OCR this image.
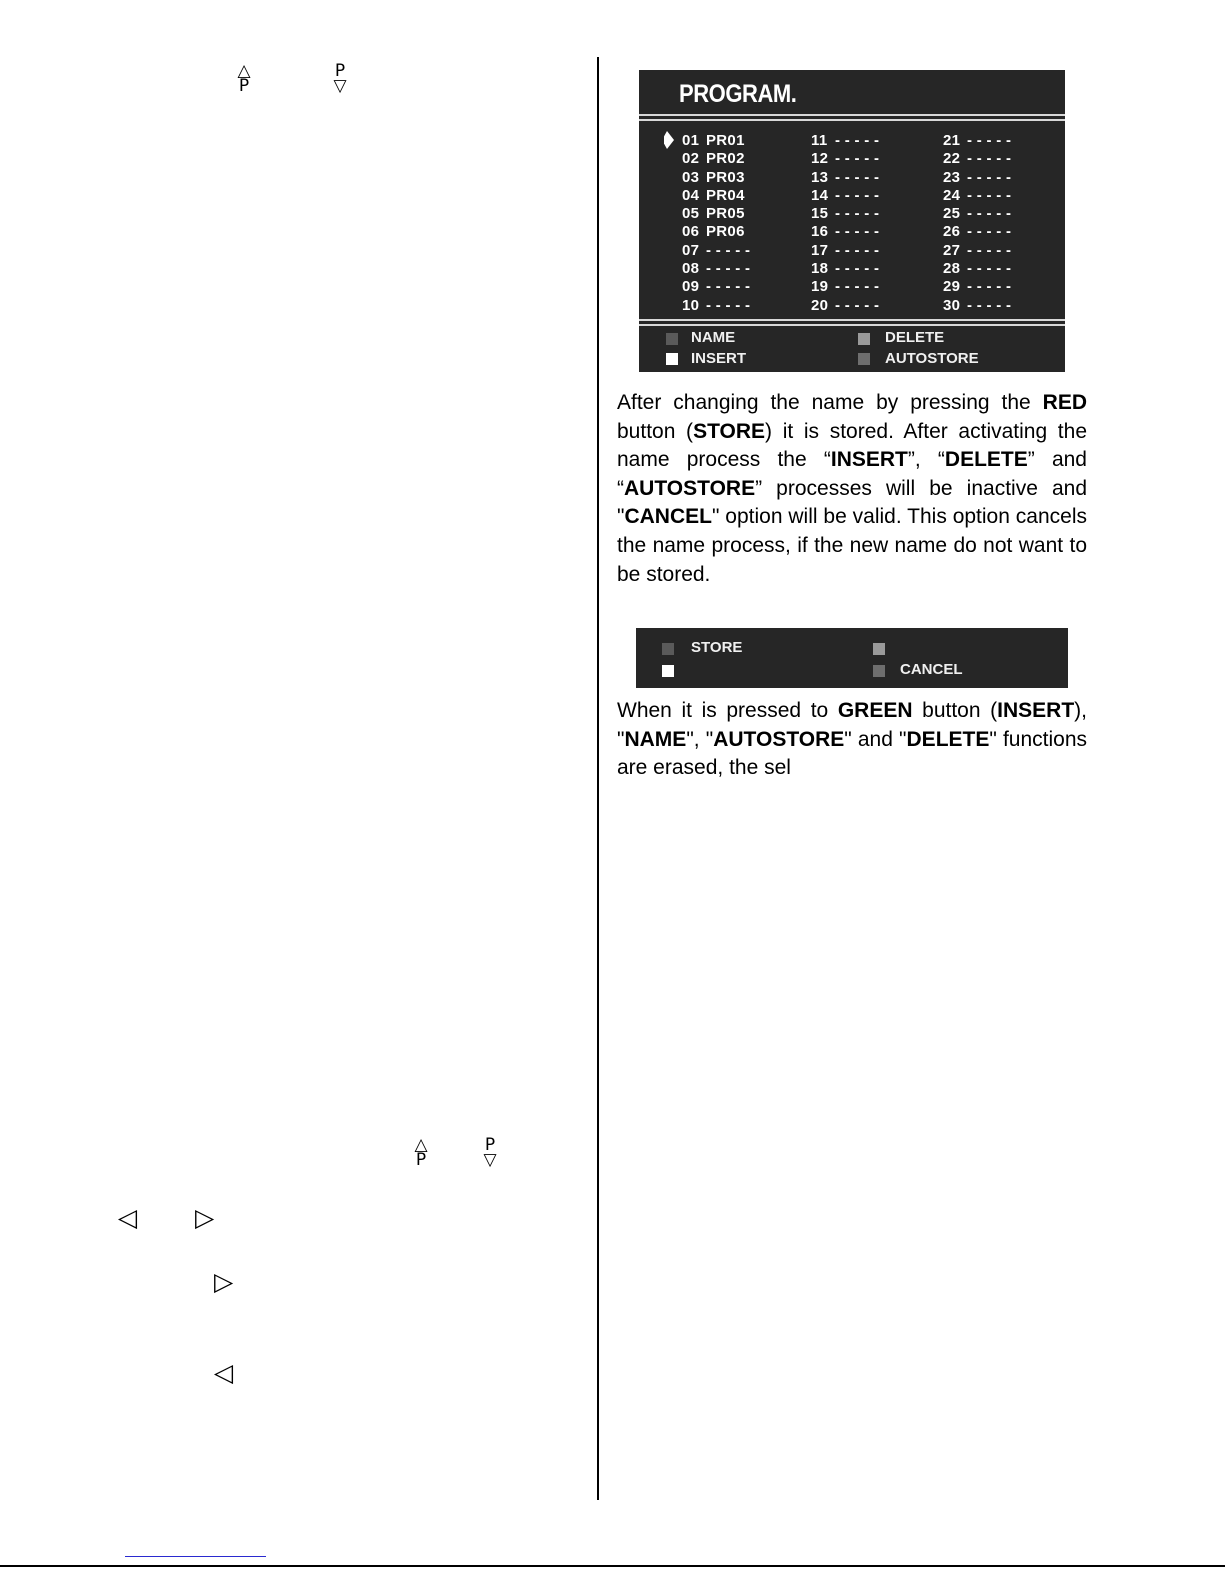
△
P
P
▽
△
P
P
▽
◁ ▷
▷
◁
PROGRAM.
01 PR01
02 PR02
03 PR03
04 PR04
05 PR05
06 PR06
07 - - - - -
08 - - - - -
09 - - - - -
10 - - - - -
11 - - - - -
12 - - - - -
13 - - - - -
14 - - - - -
15 - - - - -
16 - - - - -
17 - - - - -
18 - - - - -
19 - - - - -
20 - - - - -
21 - - - - -
22 - - - - -
23 - - - - -
24 - - - - -
25 - - - - -
26 - - - - -
27 - - - - -
28 - - - - -
29 - - - - -
30 - - - - -
NAME	DELETE
INSERT	AUTOSTORE
After changing the name by pressing the RED button (STORE) it is stored. After activating the name process the “INSERT”, “DELETE” and “AUTOSTORE” processes will be inactive and "CANCEL" option will be valid. This option cancels the name process, if the new name do not want to be stored.
STORE
CANCEL
When it is pressed to GREEN button (INSERT), "NAME", "AUTOSTORE" and "DELETE" functions are erased, the sel
